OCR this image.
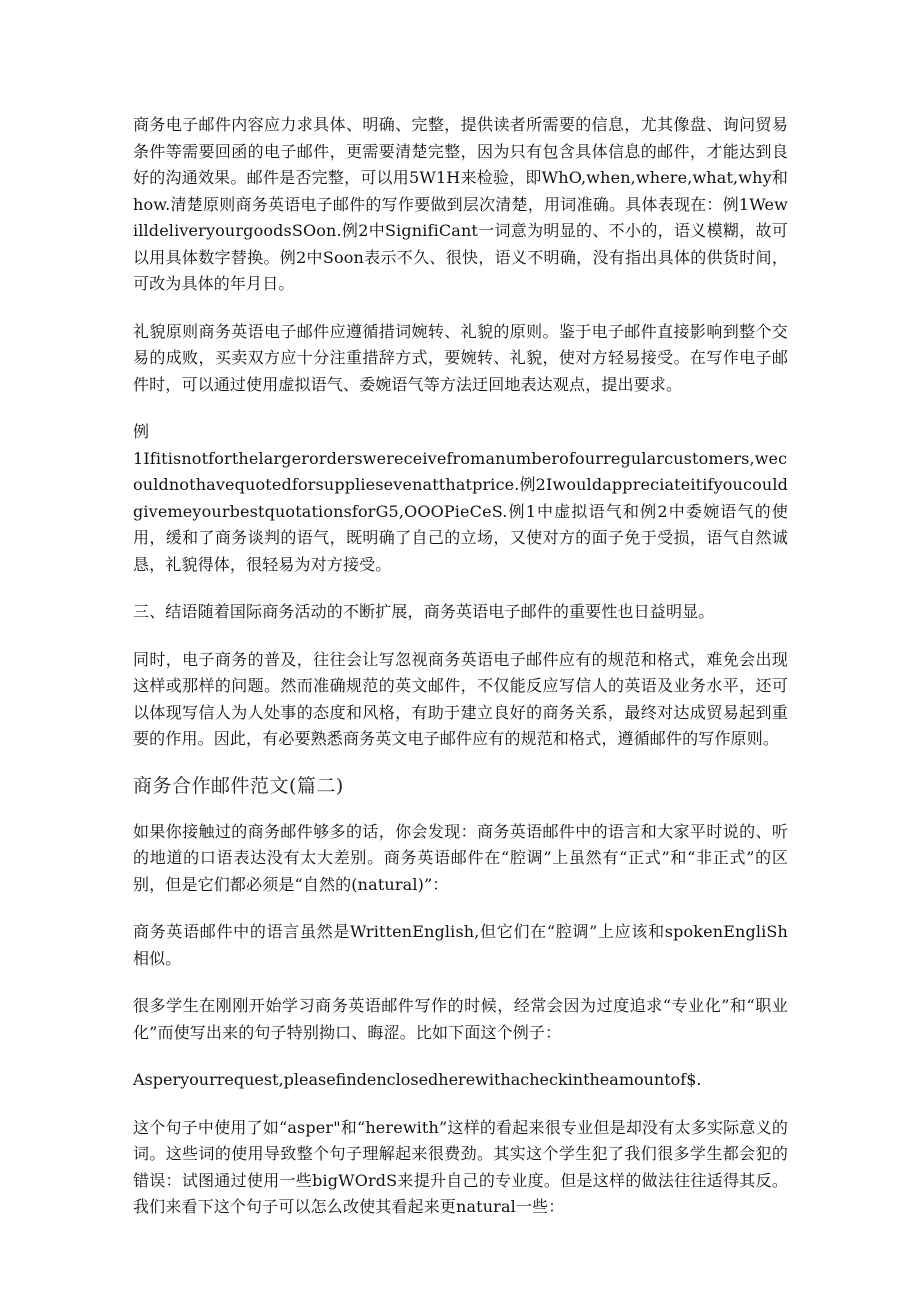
商务电子邮件内容应力求具体、明确、完整，提供读者所需要的信息，尤其像盘、询问贸易条件等需要回函的电子邮件，更需要清楚完整，因为只有包含具体信息的邮件，才能达到良好的沟通效果。邮件是否完整，可以用5W1H来检验，即WhO,when,where,what,why和how.清楚原则商务英语电子邮件的写作要做到层次清楚，用词准确。具体表现在：例1WewilldeliveryourgoodsSOon.例2中SignifiCant一词意为明显的、不小的，语义模糊，故可以用具体数字替换。例2中Soon表示不久、很快，语义不明确，没有指出具体的供货时间，可改为具体的年月日。

礼貌原则商务英语电子邮件应遵循措词婉转、礼貌的原则。鉴于电子邮件直接影响到整个交易的成败，买卖双方应十分注重措辞方式，要婉转、礼貌，使对方轻易接受。在写作电子邮件时，可以通过使用虚拟语气、委婉语气等方法迂回地表达观点，提出要求。

例

1Ifitisnotforthelargerorderswereceivefromanumberofourregularcustomers,wecouldnothavequotedforsuppliesevenatthatprice.例2IwouldappreciateitifyoucouldgivemeyourbestquotationsforG5,OOOPieCeS.例1中虚拟语气和例2中委婉语气的使用，缓和了商务谈判的语气，既明确了自己的立场，又使对方的面子免于受损，语气自然诚恳，礼貌得体，很轻易为对方接受。

三、结语随着国际商务活动的不断扩展，商务英语电子邮件的重要性也日益明显。

同时，电子商务的普及，往往会让写忽视商务英语电子邮件应有的规范和格式，难免会出现这样或那样的问题。然而准确规范的英文邮件，不仅能反应写信人的英语及业务水平，还可以体现写信人为人处事的态度和风格，有助于建立良好的商务关系，最终对达成贸易起到重要的作用。因此，有必要熟悉商务英文电子邮件应有的规范和格式，遵循邮件的写作原则。

商务合作邮件范文(篇二)

如果你接触过的商务邮件够多的话，你会发现：商务英语邮件中的语言和大家平时说的、听的地道的口语表达没有太大差别。商务英语邮件在“腔调”上虽然有“正式”和“非正式”的区别，但是它们都必须是“自然的(natural)”：

商务英语邮件中的语言虽然是WrittenEnglish,但它们在“腔调”上应该和spokenEngliSh相似。

很多学生在刚刚开始学习商务英语邮件写作的时候，经常会因为过度追求“专业化”和“职业化”而使写出来的句子特别拗口、晦涩。比如下面这个例子：

Asperyourrequest,pleasefindenclosedherewithacheckintheamountof$.

这个句子中使用了如“asper"和“herewith”这样的看起来很专业但是却没有太多实际意义的词。这些词的使用导致整个句子理解起来很费劲。其实这个学生犯了我们很多学生都会犯的错误：试图通过使用一些bigWOrdS来提升自己的专业度。但是这样的做法往往适得其反。我们来看下这个句子可以怎么改使其看起来更natural一些：
